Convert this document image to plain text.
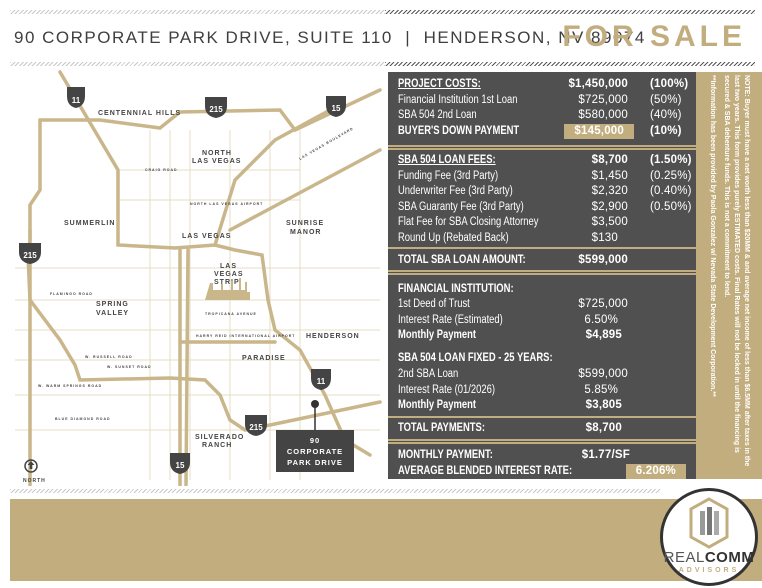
90 CORPORATE PARK DRIVE, SUITE 110  |  HENDERSON, NV 89074
FOR SALE
CENTENNIAL HILLS
NORTH
LAS VEGAS
SUMMERLIN	SUNRISE
MANOR
LAS VEGAS
LAS
VEGAS
STRIP
SPRING
VALLEY
HENDERSON
PARADISE
SILVERADO
RANCH
CRAIG ROAD
FLAMINGO ROAD
TROPICANA AVENUE
W. RUSSELL ROAD
W. SUNSET ROAD
W. WARM SPRINGS ROAD
BLUE DIAMOND ROAD
LAS VEGAS BOULEVARD
NORTH LAS VEGAS AIRPORT
HARRY REID INTERNATIONAL AIRPORT
11
215	15
215
11
215
15
NORTH
90
CORPORATE
PARK DRIVE
PROJECT COSTS:	$1,450,000 (100%)
Financial Institution 1st Loan	$725,000 (50%)
SBA 504 2nd Loan	$580,000 (40%)
BUYER'S DOWN PAYMENT	$145,000	(10%)
SBA 504 LOAN FEES:	$8,700 (1.50%)
Funding Fee (3rd Party)	$1,450 (0.25%)
Underwriter Fee (3rd Party)	$2,320 (0.40%)
SBA Guaranty Fee (3rd Party)	$2,900 (0.50%)
Flat Fee for SBA Closing Attorney	$3,500
Round Up (Rebated Back)	$130
TOTAL SBA LOAN AMOUNT:	$599,000
FINANCIAL INSTITUTION:
1st Deed of Trust	$725,000
Interest Rate (Estimated)	6.50%
Monthly Payment	$4,895
SBA 504 LOAN FIXED - 25 YEARS:
2nd SBA Loan	$599,000
Interest Rate (01/2026)	5.85%
Monthly Payment	$3,805
TOTAL PAYMENTS:	$8,700
MONTHLY PAYMENT:	$1.77/SF
AVERAGE BLENDED INTEREST RATE:	6.206%
NOTE: Buyer must have a net worth less than $20MM & and average net income of less than $6.5MM after taxes in the last two years. This form provides purely ESTIMATED costs. Final Rates will not be locked in until the financing is secured & SBA debenture funds. This is not a commitment to lend.
**Information has been provided by Paola Gonzalez w/ Nevada State Development Corporation.**
REALCOMM
ADVISORS
